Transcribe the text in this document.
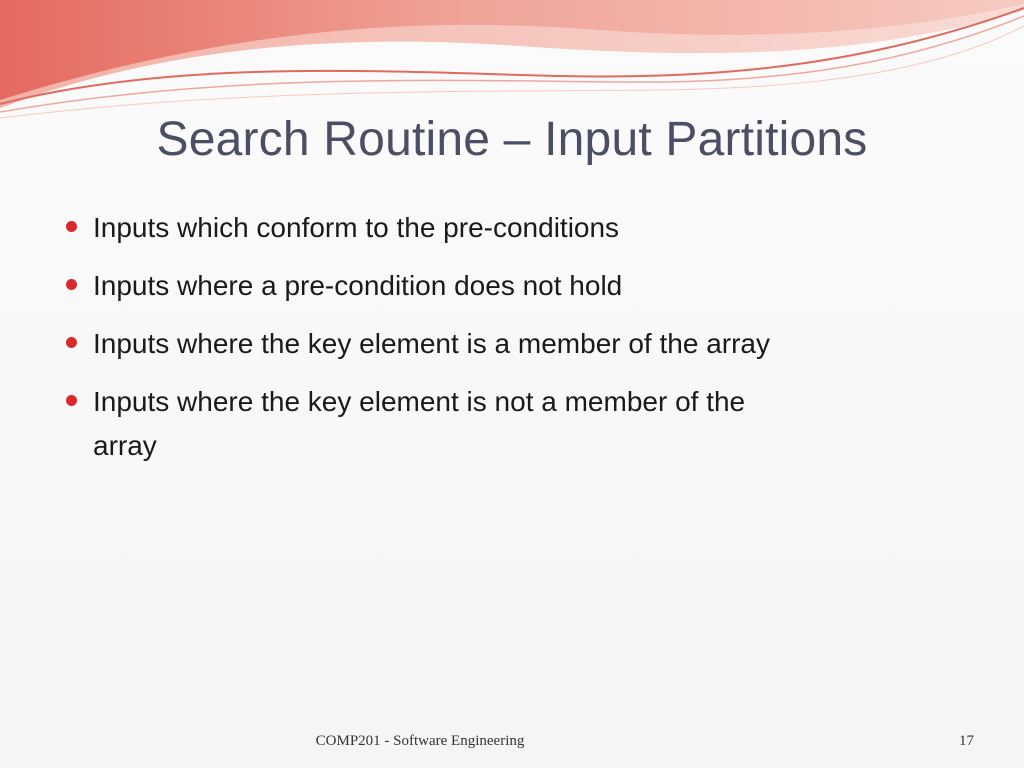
Search Routine – Input Partitions
Inputs which conform to the pre-conditions
Inputs where a pre-condition does not hold
Inputs where the key element is a member of the array
Inputs where the key element is not a member of the array
COMP201 - Software Engineering	17
